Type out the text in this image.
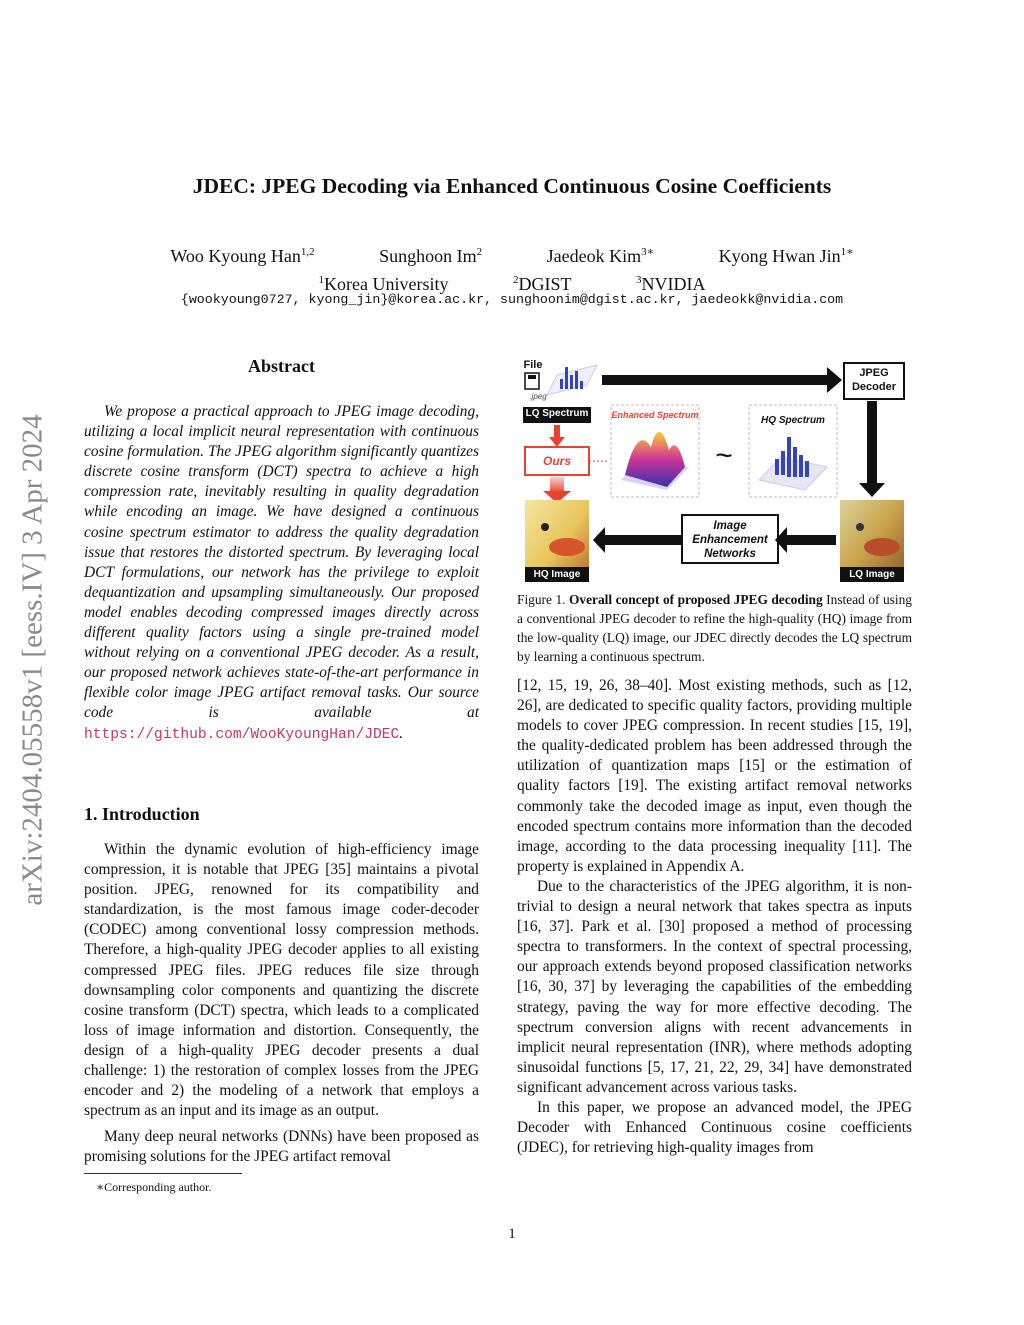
JDEC: JPEG Decoding via Enhanced Continuous Cosine Coefficients
Woo Kyoung Han$^{1,2}$	Sunghoon Im$^2$	Jaedeok Kim$^{3∗}$	Kyong Hwan Jin$^{1∗}$
$^1$Korea University	$^2$DGIST	$^3$NVIDIA
{wookyoung0727, kyong_jin}@korea.ac.kr, sunghoonim@dgist.ac.kr, jaedeokk@nvidia.com
arXiv:2404.05558v1 [eess.IV] 3 Apr 2024
Abstract
We propose a practical approach to JPEG image decoding, utilizing a local implicit neural representation with continuous cosine formulation. The JPEG algorithm significantly quantizes discrete cosine transform (DCT) spectra to achieve a high compression rate, inevitably resulting in quality degradation while encoding an image. We have designed a continuous cosine spectrum estimator to address the quality degradation issue that restores the distorted spectrum. By leveraging local DCT formulations, our network has the privilege to exploit dequantization and upsampling simultaneously. Our proposed model enables decoding compressed images directly across different quality factors using a single pre-trained model without relying on a conventional JPEG decoder. As a result, our proposed network achieves state-of-the-art performance in flexible color image JPEG artifact removal tasks. Our source code is available at https://github.com/WooKyoungHan/JDEC.
1. Introduction

Within the dynamic evolution of high-efficiency image compression, it is notable that JPEG [35] maintains a pivotal position. JPEG, renowned for its compatibility and standardization, is the most famous image coder-decoder (CODEC) among conventional lossy compression methods. Therefore, a high-quality JPEG decoder applies to all existing compressed JPEG files. JPEG reduces file size through downsampling color components and quantizing the discrete cosine transform (DCT) spectra, which leads to a complicated loss of image information and distortion. Consequently, the design of a high-quality JPEG decoder presents a dual challenge: 1) the restoration of complex losses from the JPEG encoder and 2) the modeling of a network that employs a spectrum as an input and its image as an output.

Many deep neural networks (DNNs) have been proposed as promising solutions for the JPEG artifact removal

∗Corresponding author.
File
.jpeg
LQ Spectrum
Ours
Enhanced Spectrum
~
HQ Spectrum
JPEG Decoder
Image Enhancement Networks
HQ Image	LQ Image
Figure 1. Overall concept of proposed JPEG decoding Instead of using a conventional JPEG decoder to refine the high-quality (HQ) image from the low-quality (LQ) image, our JDEC directly decodes the LQ spectrum by learning a continuous spectrum.

[12, 15, 19, 26, 38–40]. Most existing methods, such as [12, 26], are dedicated to specific quality factors, providing multiple models to cover JPEG compression. In recent studies [15, 19], the quality-dedicated problem has been addressed through the utilization of quantization maps [15] or the estimation of quality factors [19]. The existing artifact removal networks commonly take the decoded image as input, even though the encoded spectrum contains more information than the decoded image, according to the data processing inequality [11]. The property is explained in Appendix A.

Due to the characteristics of the JPEG algorithm, it is non-trivial to design a neural network that takes spectra as inputs [16, 37]. Park et al. [30] proposed a method of processing spectra to transformers. In the context of spectral processing, our approach extends beyond proposed classification networks [16, 30, 37] by leveraging the capabilities of the embedding strategy, paving the way for more effective decoding. The spectrum conversion aligns with recent advancements in implicit neural representation (INR), where methods adopting sinusoidal functions [5, 17, 21, 22, 29, 34] have demonstrated significant advancement across various tasks.

In this paper, we propose an advanced model, the JPEG Decoder with Enhanced Continuous cosine coefficients (JDEC), for retrieving high-quality images from

1
